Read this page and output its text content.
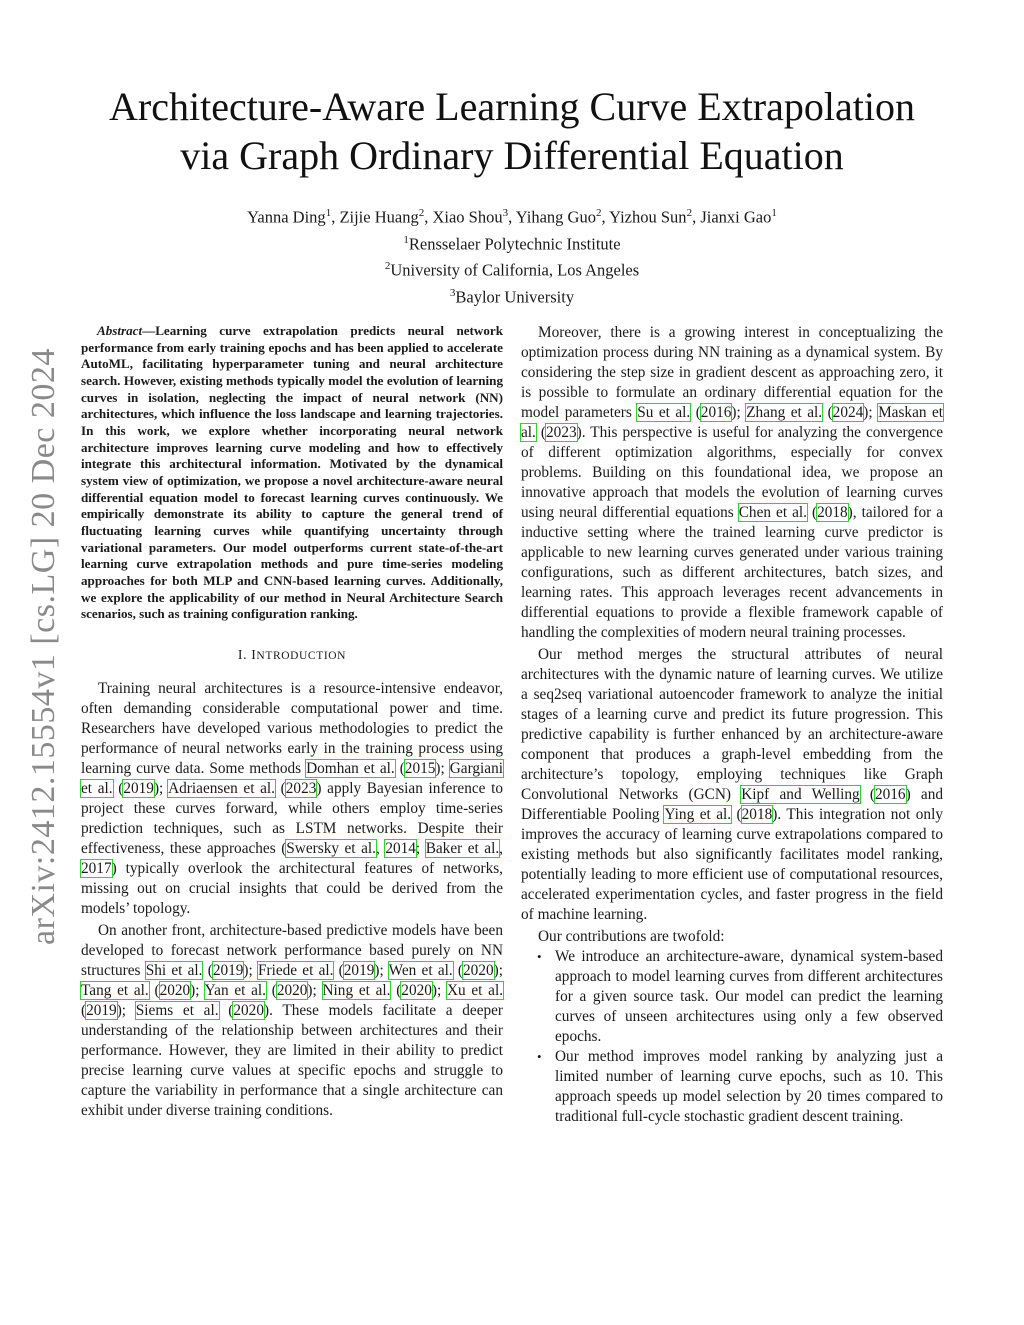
arXiv:2412.15554v1 [cs.LG] 20 Dec 2024
Architecture-Aware Learning Curve Extrapolation
via Graph Ordinary Differential Equation
Yanna Ding$^1$, Zijie Huang$^2$, Xiao Shou$^3$, Yihang Guo$^2$, Yizhou Sun$^2$, Jianxi Gao$^1$
$^1$Rensselaer Polytechnic Institute
$^2$University of California, Los Angeles
$^3$Baylor University

Abstract—Learning curve extrapolation predicts neural network performance from early training epochs and has been applied to accelerate AutoML, facilitating hyperparameter tuning and neural architecture search. However, existing methods typically model the evolution of learning curves in isolation, neglecting the impact of neural network (NN) architectures, which influence the loss landscape and learning trajectories. In this work, we explore whether incorporating neural network architecture improves learning curve modeling and how to effectively integrate this architectural information. Motivated by the dynamical system view of optimization, we propose a novel architecture-aware neural differential equation model to forecast learning curves continuously. We empirically demonstrate its ability to capture the general trend of fluctuating learning curves while quantifying uncertainty through variational parameters. Our model outperforms current state-of-the-art learning curve extrapolation methods and pure time-series modeling approaches for both MLP and CNN-based learning curves. Additionally, we explore the applicability of our method in Neural Architecture Search scenarios, such as training configuration ranking.

I. INTRODUCTION

Training neural architectures is a resource-intensive endeavor, often demanding considerable computational power and time. Researchers have developed various methodologies to predict the performance of neural networks early in the training process using learning curve data. Some methods Domhan et al. (2015); Gargiani et al. (2019); Adriaensen et al. (2023) apply Bayesian inference to project these curves forward, while others employ time-series prediction techniques, such as LSTM networks. Despite their effectiveness, these approaches (Swersky et al., 2014; Baker et al., 2017) typically overlook the architectural features of networks, missing out on crucial insights that could be derived from the models’ topology.

On another front, architecture-based predictive models have been developed to forecast network performance based purely on NN structures Shi et al. (2019); Friede et al. (2019); Wen et al. (2020); Tang et al. (2020); Yan et al. (2020); Ning et al. (2020); Xu et al. (2019); Siems et al. (2020). These models facilitate a deeper understanding of the relationship between architectures and their performance. However, they are limited in their ability to predict precise learning curve values at specific epochs and struggle to capture the variability in performance that a single architecture can exhibit under diverse training conditions.

Moreover, there is a growing interest in conceptualizing the optimization process during NN training as a dynamical system. By considering the step size in gradient descent as approaching zero, it is possible to formulate an ordinary differential equation for the model parameters Su et al. (2016); Zhang et al. (2024); Maskan et al. (2023). This perspective is useful for analyzing the convergence of different optimization algorithms, especially for convex problems. Building on this foundational idea, we propose an innovative approach that models the evolution of learning curves using neural differential equations Chen et al. (2018), tailored for a inductive setting where the trained learning curve predictor is applicable to new learning curves generated under various training configurations, such as different architectures, batch sizes, and learning rates. This approach leverages recent advancements in differential equations to provide a flexible framework capable of handling the complexities of modern neural training processes.

Our method merges the structural attributes of neural architectures with the dynamic nature of learning curves. We utilize a seq2seq variational autoencoder framework to analyze the initial stages of a learning curve and predict its future progression. This predictive capability is further enhanced by an architecture-aware component that produces a graph-level embedding from the architecture’s topology, employing techniques like Graph Convolutional Networks (GCN) Kipf and Welling (2016) and Differentiable Pooling Ying et al. (2018). This integration not only improves the accuracy of learning curve extrapolations compared to existing methods but also significantly facilitates model ranking, potentially leading to more efficient use of computational resources, accelerated experimentation cycles, and faster progress in the field of machine learning.

Our contributions are twofold:

• We introduce an architecture-aware, dynamical system-based approach to model learning curves from different architectures for a given source task. Our model can predict the learning curves of unseen architectures using only a few observed epochs.
• Our method improves model ranking by analyzing just a limited number of learning curve epochs, such as 10. This approach speeds up model selection by 20 times compared to traditional full-cycle stochastic gradient descent training.
